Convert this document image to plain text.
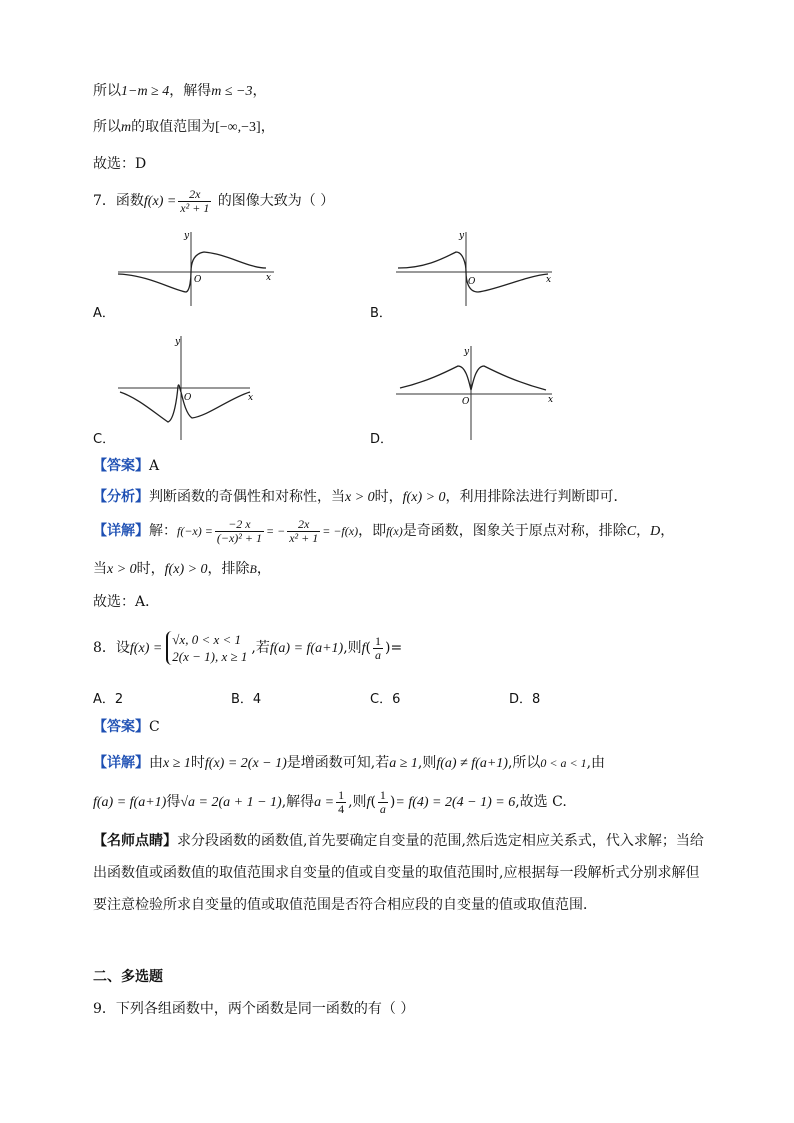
所以1−m ≥ 4，解得m ≤ −3，
所以m的取值范围为[−∞,−3]，
故选：D
7．函数$f(x) = \frac{2x}{\text{x² + 1}}$ 的图像大致为（ ）
y
x
O
A．
y
x
O
B．
y
x
O
C．
y
x
O
D．
【答案】A
【分析】判断函数的奇偶性和对称性，当x > 0时，f(x) > 0，利用排除法进行判断即可．
【详解】解：$f(-x) = \frac{-2 x}{\text{(−x)² + 1}}$ = − $\frac{2x}{\text{x² + 1}} = -f(x)$，即f(x)是奇函数，图象关于原点对称，排除C，D，
当x > 0时，f(x) > 0，排除B，
故选：A．
8．设f(x) =
√x, 0 < x < 1
2(x − 1), x ≥ 1
,若f(a) = f(a+1),则$f( \frac{1}{a}$ )=
A．2	B．4	C．6	D．8
【答案】C
【详解】由x ≥ 1时f(x) = 2(x − 1)是增函数可知,若a ≥ 1,则f(a) ≠ f(a+1),所以0 < a < 1,由
f(a) = f(a+1)得√a = 2(a + 1 − 1),解得$a = \frac{1}{4}$ ,则$f( \frac{1}{a}$ )= f(4) = 2(4 − 1) = 6,故选 C.
【名师点睛】求分段函数的函数值,首先要确定自变量的范围,然后选定相应关系式，代入求解；当给
出函数值或函数值的取值范围求自变量的值或自变量的取值范围时,应根据每一段解析式分别求解但
要注意检验所求自变量的值或取值范围是否符合相应段的自变量的值或取值范围．
二、多选题
9．下列各组函数中，两个函数是同一函数的有（ ）
